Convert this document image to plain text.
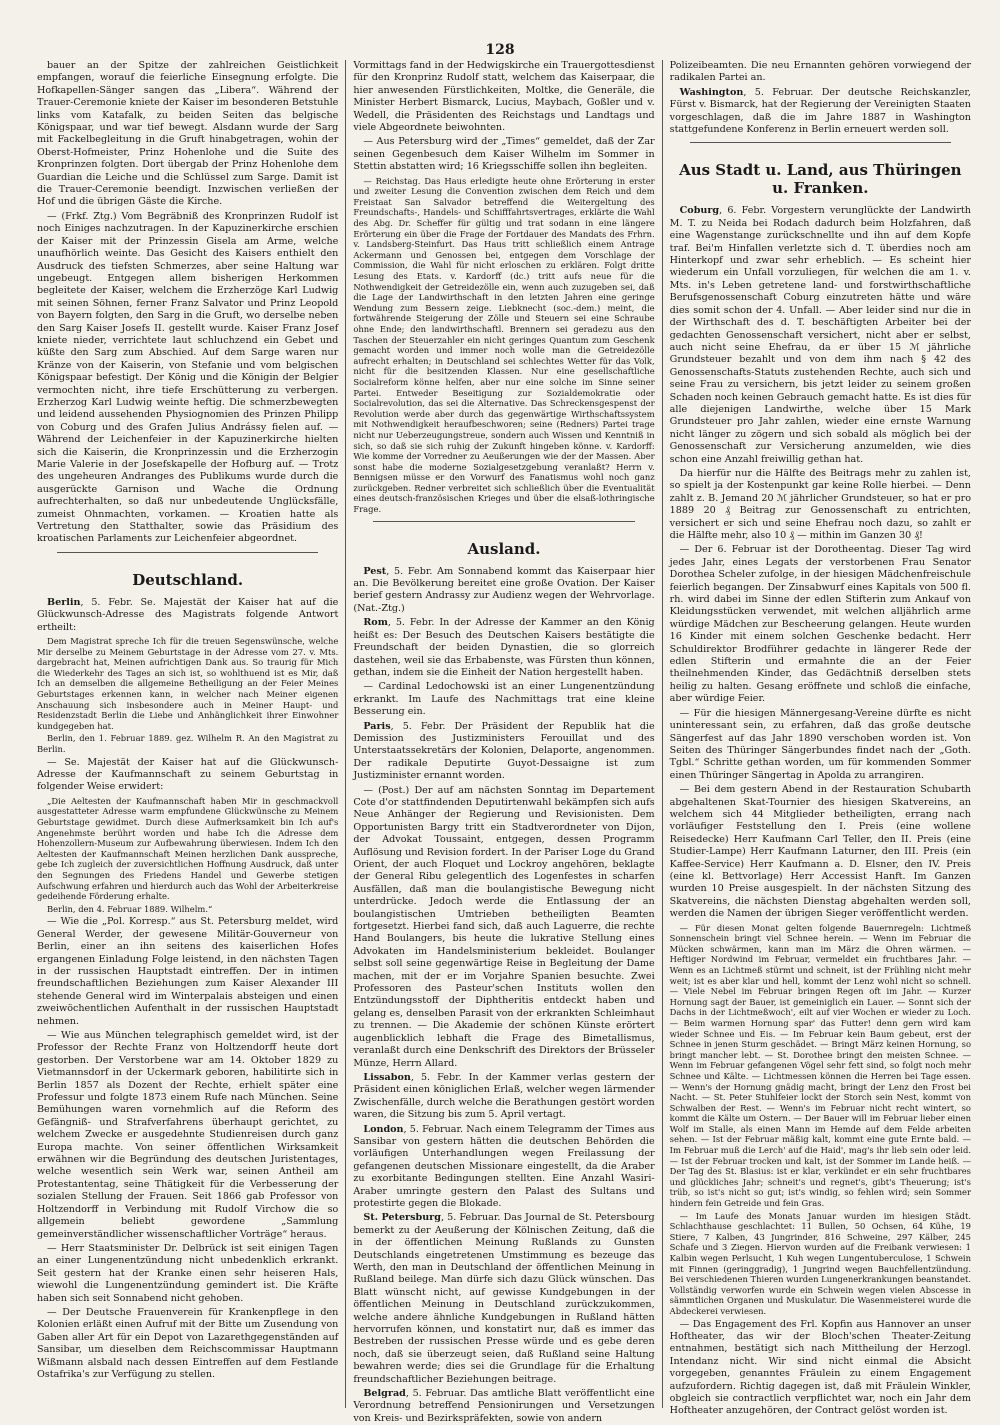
128

bauer an der Spitze der zahlreichen Geistlichkeit empfangen, worauf die feierliche Einsegnung erfolgte. Die Hofkapellen-Sänger sangen das „Libera“. Während der Trauer-Ceremonie kniete der Kaiser im besonderen Betstuhle links vom Katafalk, zu beiden Seiten das belgische Königspaar, und war tief bewegt. Alsdann wurde der Sarg mit Fackelbegleitung in die Gruft hinabgetragen, wohin der Oberst-Hofmeister, Prinz Hohenlohe und die Suite des Kronprinzen folgten. Dort übergab der Prinz Hohenlohe dem Guardian die Leiche und die Schlüssel zum Sarge. Damit ist die Trauer-Ceremonie beendigt. Inzwischen verließen der Hof und die übrigen Gäste die Kirche.

— (Frkf. Ztg.) Vom Begräbniß des Kronprinzen Rudolf ist noch Einiges nachzutragen. In der Kapuzinerkirche erschien der Kaiser mit der Prinzessin Gisela am Arme, welche unaufhörlich weinte. Das Gesicht des Kaisers enthielt den Ausdruck des tiefsten Schmerzes, aber seine Haltung war ungebeugt. Entgegen allem bisherigen Herkommen begleitete der Kaiser, welchem die Erzherzöge Karl Ludwig mit seinen Söhnen, ferner Franz Salvator und Prinz Leopold von Bayern folgten, den Sarg in die Gruft, wo derselbe neben den Sarg Kaiser Josefs II. gestellt wurde. Kaiser Franz Josef kniete nieder, verrichtete laut schluchzend ein Gebet und küßte den Sarg zum Abschied. Auf dem Sarge waren nur Kränze von der Kaiserin, von Stefanie und vom belgischen Königspaar befestigt. Der König und die Königin der Belgier vermochten nicht, ihre tiefe Erschütterung zu verbergen. Erzherzog Karl Ludwig weinte heftig. Die schmerzbewegten und leidend aussehenden Physiognomien des Prinzen Philipp von Coburg und des Grafen Julius Andrássy fielen auf. — Während der Leichenfeier in der Kapuzinerkirche hielten sich die Kaiserin, die Kronprinzessin und die Erzherzogin Marie Valerie in der Josefskapelle der Hofburg auf. — Trotz des ungeheuren Andranges des Publikums wurde durch die ausgerückte Garnison und Wache die Ordnung aufrechterhalten, so daß nur unbedeutende Unglücksfälle, zumeist Ohnmachten, vorkamen. — Kroatien hatte als Vertretung den Statthalter, sowie das Präsidium des kroatischen Parlaments zur Leichenfeier abgeordnet.

Deutschland.

Berlin, 5. Febr. Se. Majestät der Kaiser hat auf die Glückwunsch-Adresse des Magistrats folgende Antwort ertheilt:

Dem Magistrat spreche Ich für die treuen Segenswünsche, welche Mir derselbe zu Meinem Geburtstage in der Adresse vom 27. v. Mts. dargebracht hat, Meinen aufrichtigen Dank aus. So traurig für Mich die Wiederkehr des Tages an sich ist, so wohlthuend ist es Mir, daß Ich an demselben die allgemeine Betheiligung an der Feier Meines Geburtstages erkennen kann, in welcher nach Meiner eigenen Anschauung sich insbesondere auch in Meiner Haupt- und Residenzstadt Berlin die Liebe und Anhänglichkeit ihrer Einwohner kundgegeben hat.

Berlin, den 1. Februar 1889. gez. Wilhelm R. An den Magistrat zu Berlin.

— Se. Majestät der Kaiser hat auf die Glückwunsch-Adresse der Kaufmannschaft zu seinem Geburtstag in folgender Weise erwidert:

„Die Aeltesten der Kaufmannschaft haben Mir in geschmackvoll ausgestatteter Adresse warm empfundene Glückwünsche zu Meinem Geburtstage gewidmet. Durch diese Aufmerksamkeit bin Ich auf's Angenehmste berührt worden und habe Ich die Adresse dem Hohenzollern-Museum zur Aufbewahrung überwiesen. Indem Ich den Aeltesten der Kaufmannschaft Meinen herzlichen Dank ausspreche, gebe Ich zugleich der zuversichtlichen Hoffnung Ausdruck, daß unter den Segnungen des Friedens Handel und Gewerbe stetigen Aufschwung erfahren und hierdurch auch das Wohl der Arbeiterkreise gedeihende Förderung erhalte.

Berlin, den 4. Februar 1889. Wilhelm.“

— Wie die „Pol. Korresp.“ aus St. Petersburg meldet, wird General Werder, der gewesene Militär-Gouverneur von Berlin, einer an ihn seitens des kaiserlichen Hofes ergangenen Einladung Folge leistend, in den nächsten Tagen in der russischen Hauptstadt eintreffen. Der in intimen freundschaftlichen Beziehungen zum Kaiser Alexander III stehende General wird im Winterpalais absteigen und einen zweiwöchentlichen Aufenthalt in der russischen Hauptstadt nehmen.

— Wie aus München telegraphisch gemeldet wird, ist der Professor der Rechte Franz von Holtzendorff heute dort gestorben. Der Verstorbene war am 14. Oktober 1829 zu Vietmannsdorf in der Uckermark geboren, habilitirte sich in Berlin 1857 als Dozent der Rechte, erhielt später eine Professur und folgte 1873 einem Rufe nach München. Seine Bemühungen waren vornehmlich auf die Reform des Gefängniß- und Strafverfahrens überhaupt gerichtet, zu welchem Zwecke er ausgedehnte Studienreisen durch ganz Europa machte. Von seiner öffentlichen Wirksamkeit erwähnen wir die Begründung des deutschen Juristentages, welche wesentlich sein Werk war, seinen Antheil am Protestantentag, seine Thätigkeit für die Verbesserung der sozialen Stellung der Frauen. Seit 1866 gab Professor von Holtzendorff in Verbindung mit Rudolf Virchow die so allgemein beliebt gewordene „Sammlung gemeinverständlicher wissenschaftlicher Vorträge“ heraus.

— Herr Staatsminister Dr. Delbrück ist seit einigen Tagen an einer Lungenentzündung nicht unbedenklich erkrankt. Seit gestern hat der Kranke einen sehr heiseren Hals, wiewohl die Lungenentzündung gemindert ist. Die Kräfte haben sich seit Sonnabend nicht gehoben.

— Der Deutsche Frauenverein für Krankenpflege in den Kolonien erläßt einen Aufruf mit der Bitte um Zusendung von Gaben aller Art für ein Depot von Lazarethgegenständen auf Sansibar, um dieselben dem Reichscommissar Hauptmann Wißmann alsbald nach dessen Eintreffen auf dem Festlande Ostafrika's zur Verfügung zu stellen.

Vormittags fand in der Hedwigskirche ein Trauergottesdienst für den Kronprinz Rudolf statt, welchem das Kaiserpaar, die hier anwesenden Fürstlichkeiten, Moltke, die Generäle, die Minister Herbert Bismarck, Lucius, Maybach, Goßler und v. Wedell, die Präsidenten des Reichstags und Landtags und viele Abgeordnete beiwohnten.

— Aus Petersburg wird der „Times“ gemeldet, daß der Zar seinen Gegenbesuch dem Kaiser Wilhelm im Sommer in Stettin abstatten wird; 16 Kriegsschiffe sollen ihn begleiten.

— Reichstag. Das Haus erledigte heute ohne Erörterung in erster und zweiter Lesung die Convention zwischen dem Reich und dem Freistaat San Salvador betreffend die Weitergeltung des Freundschafts-, Handels- und Schifffahrtsvertrages, erklärte die Wahl des Abg. Dr. Scheffer für gültig und trat sodann in eine längere Erörterung ein über die Frage der Fortdauer des Mandats des Frhrn. v. Landsberg-Steinfurt. Das Haus tritt schließlich einem Antrage Ackermann und Genossen bei, entgegen dem Vorschlage der Commission, die Wahl für nicht erloschen zu erklären. Folgt dritte Lesung des Etats. v. Kardorff (dc.) tritt aufs neue für die Nothwendigkeit der Getreidezölle ein, wenn auch zuzugeben sei, daß die Lage der Landwirthschaft in den letzten Jahren eine geringe Wendung zum Bessern zeige. Liebknecht (soc.-dem.) meint, die fortwährende Steigerung der Zölle und Steuern sei eine Schraube ohne Ende; den landwirthschaftl. Brennern sei geradezu aus den Taschen der Steuerzahler ein nicht geringes Quantum zum Geschenk gemacht worden und immer noch wolle man die Getreidezölle aufrecht erhalten; in Deutschland sei schlechtes Wetter für das Volk, nicht für die besitzenden Klassen. Nur eine gesellschaftliche Socialreform könne helfen, aber nur eine solche im Sinne seiner Partei. Entweder Beseitigung zur Sozialdemokratie oder Socialrevolution, das sei die Alternative. Das Schreckensgespenst der Revolution werde aber durch das gegenwärtige Wirthschaftssystem mit Nothwendigkeit heraufbeschworen; seine (Redners) Partei trage nicht nur Ueberzeugungstreue, sondern auch Wissen und Kenntniß in sich, so daß sie sich ruhig der Zukunft hingeben könne. v. Kardorff: Wie komme der Vorredner zu Aeußerungen wie der der Massen. Aber sonst habe die moderne Sozialgesetzgebung veranlaßt? Herrn v. Bennigsen müsse er den Vorwurf des Fanatismus wohl noch ganz zurückgeben. Redner verbreitet sich schließlich über die Eventualität eines deutsch-französischen Krieges und über die elsaß-lothringische Frage.

Ausland.

Pest, 5. Febr. Am Sonnabend kommt das Kaiserpaar hier an. Die Bevölkerung bereitet eine große Ovation. Der Kaiser berief gestern Andrassy zur Audienz wegen der Wehrvorlage. (Nat.-Ztg.)

Rom, 5. Febr. In der Adresse der Kammer an den König heißt es: Der Besuch des Deutschen Kaisers bestätigte die Freundschaft der beiden Dynastien, die so glorreich dastehen, weil sie das Erbabenste, was Fürsten thun können, gethan, indem sie die Einheit der Nation hergestellt haben.

— Cardinal Ledochowski ist an einer Lungenentzündung erkrankt. Im Laufe des Nachmittags trat eine kleine Besserung ein.

Paris, 5. Febr. Der Präsident der Republik hat die Demission des Justizministers Ferouillat und des Unterstaatssekretärs der Kolonien, Delaporte, angenommen. Der radikale Deputirte Guyot-Dessaigne ist zum Justizminister ernannt worden.

— (Post.) Der auf am nächsten Sonntag im Departement Cote d'or stattfindenden Deputirtenwahl bekämpfen sich aufs Neue Anhänger der Regierung und Revisionisten. Dem Opportunisten Bargy tritt ein Stadtverordneter von Dijon, der Advokat Toussaint, entgegen, dessen Programm Auflösung und Revision fordert. In der Pariser Loge du Grand Orient, der auch Floquet und Lockroy angehören, beklagte der General Ribu gelegentlich des Logenfestes in scharfen Ausfällen, daß man die boulangistische Bewegung nicht unterdrücke. Jedoch werde die Entlassung der an boulangistischen Umtrieben betheiligten Beamten fortgesetzt. Hierbei fand sich, daß auch Laguerre, die rechte Hand Boulangers, bis heute die lukrative Stellung eines Advokaten im Handelsministerium bekleidet. Boulanger selbst soll seine gegenwärtige Reise in Begleitung der Dame machen, mit der er im Vorjahre Spanien besuchte. Zwei Professoren des Pasteur'schen Instituts wollen den Entzündungsstoff der Diphtheritis entdeckt haben und gelang es, denselben Parasit von der erkrankten Schleimhaut zu trennen. — Die Akademie der schönen Künste erörtert augenblicklich lebhaft die Frage des Bimetallismus, veranlaßt durch eine Denkschrift des Direktors der Brüsseler Münze, Herrn Allard.

Lissabon, 5. Febr. In der Kammer verlas gestern der Präsident einen königlichen Erlaß, welcher wegen lärmender Zwischenfälle, durch welche die Berathungen gestört worden waren, die Sitzung bis zum 5. April vertagt.

London, 5. Februar. Nach einem Telegramm der Times aus Sansibar von gestern hätten die deutschen Behörden die vorläufigen Unterhandlungen wegen Freilassung der gefangenen deutschen Missionare eingestellt, da die Araber zu exorbitante Bedingungen stellten. Eine Anzahl Wasiri-Araber umringte gestern den Palast des Sultans und protestirte gegen die Blokade.

St. Petersburg, 5. Februar. Das Journal de St. Petersbourg bemerkt zu der Aeußerung der Kölnischen Zeitung, daß die in der öffentlichen Meinung Rußlands zu Gunsten Deutschlands eingetretenen Umstimmung es bezeuge das Werth, den man in Deutschland der öffentlichen Meinung in Rußland beilege. Man dürfe sich dazu Glück wünschen. Das Blatt wünscht nicht, auf gewisse Kundgebungen in der öffentlichen Meinung in Deutschland zurückzukommen, welche andere ähnliche Kundgebungen in Rußland hätten hervorrufen können, und konstatirt nur, daß es immer das Bestreben der russischen Presse würde und es gebe deren noch, daß sie überzeugt seien, daß Rußland seine Haltung bewahren werde; dies sei die Grundlage für die Erhaltung freundschaftlicher Beziehungen beitrage.

Belgrad, 5. Februar. Das amtliche Blatt veröffentlicht eine Verordnung betreffend Pensionirungen und Versetzungen von Kreis- und Bezirkspräfekten, sowie von andern

Polizeibeamten. Die neu Ernannten gehören vorwiegend der radikalen Partei an.

Washington, 5. Februar. Der deutsche Reichskanzler, Fürst v. Bismarck, hat der Regierung der Vereinigten Staaten vorgeschlagen, daß die im Jahre 1887 in Washington stattgefundene Konferenz in Berlin erneuert werden soll.

Aus Stadt u. Land, aus Thüringen u. Franken.

Coburg, 6. Febr. Vorgestern verunglückte der Landwirth M. T. zu Neida bei Rodach dadurch beim Holzfahren, daß eine Wagenstange zurückschnellte und ihn auf dem Kopfe traf. Bei'm Hinfallen verletzte sich d. T. überdies noch am Hinterkopf und zwar sehr erheblich. — Es scheint hier wiederum ein Unfall vorzuliegen, für welchen die am 1. v. Mts. in's Leben getretene land- und forstwirthschaftliche Berufsgenossenschaft Coburg einzutreten hätte und wäre dies somit schon der 4. Unfall. — Aber leider sind nur die in der Wirthschaft des d. T. beschäftigten Arbeiter bei der gedachten Genossenschaft versichert, nicht aber er selbst, auch nicht seine Ehefrau, da er über 15 ℳ jährliche Grundsteuer bezahlt und von dem ihm nach § 42 des Genossenschafts-Statuts zustehenden Rechte, auch sich und seine Frau zu versichern, bis jetzt leider zu seinem großen Schaden noch keinen Gebrauch gemacht hatte. Es ist dies für alle diejenigen Landwirthe, welche über 15 Mark Grundsteuer pro Jahr zahlen, wieder eine ernste Warnung nicht länger zu zögern und sich sobald als möglich bei der Genossenschaft zur Versicherung anzumelden, wie dies schon eine Anzahl freiwillig gethan hat.

Da hierfür nur die Hälfte des Beitrags mehr zu zahlen ist, so spielt ja der Kostenpunkt gar keine Rolle hierbei. — Denn zahlt z. B. Jemand 20 ℳ jährlicher Grundsteuer, so hat er pro 1889 20 ₰ Beitrag zur Genossenschaft zu entrichten, versichert er sich und seine Ehefrau noch dazu, so zahlt er die Hälfte mehr, also 10 ₰ — mithin im Ganzen 30 ₰!

— Der 6. Februar ist der Dorotheentag. Dieser Tag wird jedes Jahr, eines Legats der verstorbenen Frau Senator Dorothea Scheler zufolge, in der hiesigen Mädchenfreischule feierlich begangen. Der Zinsabwurf eines Kapitals von 500 fl. rh. wird dabei im Sinne der edlen Stifterin zum Ankauf von Kleidungsstücken verwendet, mit welchen alljährlich arme würdige Mädchen zur Bescheerung gelangen. Heute wurden 16 Kinder mit einem solchen Geschenke bedacht. Herr Schuldirektor Brodführer gedachte in längerer Rede der edlen Stifterin und ermahnte die an der Feier theilnehmenden Kinder, das Gedächtniß derselben stets heilig zu halten. Gesang eröffnete und schloß die einfache, aber würdige Feier.

— Für die hiesigen Männergesang-Vereine dürfte es nicht uninteressant sein, zu erfahren, daß das große deutsche Sängerfest auf das Jahr 1890 verschoben worden ist. Von Seiten des Thüringer Sängerbundes findet nach der „Goth. Tgbl.“ Schritte gethan worden, um für kommenden Sommer einen Thüringer Sängertag in Apolda zu arrangiren.

— Bei dem gestern Abend in der Restauration Schubarth abgehaltenen Skat-Tournier des hiesigen Skatvereins, an welchem sich 44 Mitglieder betheiligten, errang nach vorläufiger Feststellung den I. Preis (eine wollene Reisedecke) Herr Kaufmann Carl Teller, den II. Preis (eine Studier-Lampe) Herr Kaufmann Laturner, den III. Preis (ein Kaffee-Service) Herr Kaufmann a. D. Elsner, den IV. Preis (eine kl. Bettvorlage) Herr Accessist Hanft. Im Ganzen wurden 10 Preise ausgespielt. In der nächsten Sitzung des Skatvereins, die nächsten Dienstag abgehalten werden soll, werden die Namen der übrigen Sieger veröffentlicht werden.

— Für diesen Monat gelten folgende Bauernregeln: Lichtmeß Sonnenschein bringt viel Schnee herein. — Wenn im Februar die Mücken schwärmen, kann man im März die Ohren wärmen. — Heftiger Nordwind im Februar, vermeldet ein fruchtbares Jahr. — Wenn es an Lichtmeß stürmt und schneit, ist der Frühling nicht mehr weit; ist es aber klar und hell, kommt der Lenz wohl nicht so schnell. — Viele Nebel im Februar bringen Regen oft im Jahr. — Kurzer Hornung sagt der Bauer, ist gemeiniglich ein Lauer. — Sonnt sich der Dachs in der Lichtmeßwoch', eilt auf vier Wochen er wieder zu Loch. — Beim warmen Hornung spar' das Futter! denn gern wird kam wieder Schnee und Eis. — Im Februar kein Baum gebeut, erst der Schnee in jenen Sturm geschädet. — Bringt März keinen Hornung, so bringt mancher lebt. — St. Dorothee bringt den meisten Schnee. — Wenn im Februar gefangenen Vögel sehr fett sind, so folgt noch mehr Schnee und Kälte. — Lichtmessen können die Herren bei Tage essen. — Wenn's der Hornung gnädig macht, bringt der Lenz den Frost bei Nacht. — St. Peter Stuhlfeier lockt der Storch sein Nest, kommt von Schwalben der Rest. — Wenn's im Februar nicht recht wintert, so kommt die Kälte um Ostern. — Der Bauer will im Februar lieber einen Wolf im Stalle, als einen Mann im Hemde auf dem Felde arbeiten sehen. — Ist der Februar mäßig kalt, kommt eine gute Ernte bald. — Im Februar muß die Lerch' auf die Haid', mag's ihr lieb sein oder leid. — Ist der Februar trocken und kalt, ist der Sommer im Lande heiß. — Der Tag des St. Blasius: ist er klar, verkündet er ein sehr fruchtbares und glückliches Jahr; schneit's und regnet's, gibt's Theuerung; ist's trüb, so ist's nicht so gut; ist's windig, so fehlen wird; sein Sommer hindern fein Getreide und fein Gras.

— Im Laufe des Monats Januar wurden im hiesigen Städt. Schlachthause geschlachtet: 11 Bullen, 50 Ochsen, 64 Kühe, 19 Stiere, 7 Kalben, 43 Jungrinder, 816 Schweine, 297 Kälber, 245 Schafe und 3 Ziegen. Hiervon wurden auf die Freibank verwiesen: 1 Kalbin wegen Perlsucht, 1 Kuh wegen Lungentuberculose, 1 Schwein mit Finnen (geringgradig), 1 Jungrind wegen Bauchfellentzündung. Bei verschiedenen Thieren wurden Lungenerkrankungen beanstandet. Vollständig verworfen wurde ein Schwein wegen vielen Abscesse in sämmtlichen Organen und Muskulatur. Die Wasenmeisterei wurde die Abdeckerei verwiesen.

— Das Engagement des Frl. Kopfin aus Hannover an unser Hoftheater, das wir der Bloch'schen Theater-Zeitung entnahmen, bestätigt sich nach Mittheilung der Herzogl. Intendanz nicht. Wir sind nicht einmal die Absicht vorgegeben, genanntes Fräulein zu einem Engagement aufzufordern. Richtig dagegen ist, daß mit Fräulein Winkler, obgleich sie contractlich verpflichtet war, noch ein Jahr dem Hoftheater anzugehören, der Contract gelöst worden ist.
